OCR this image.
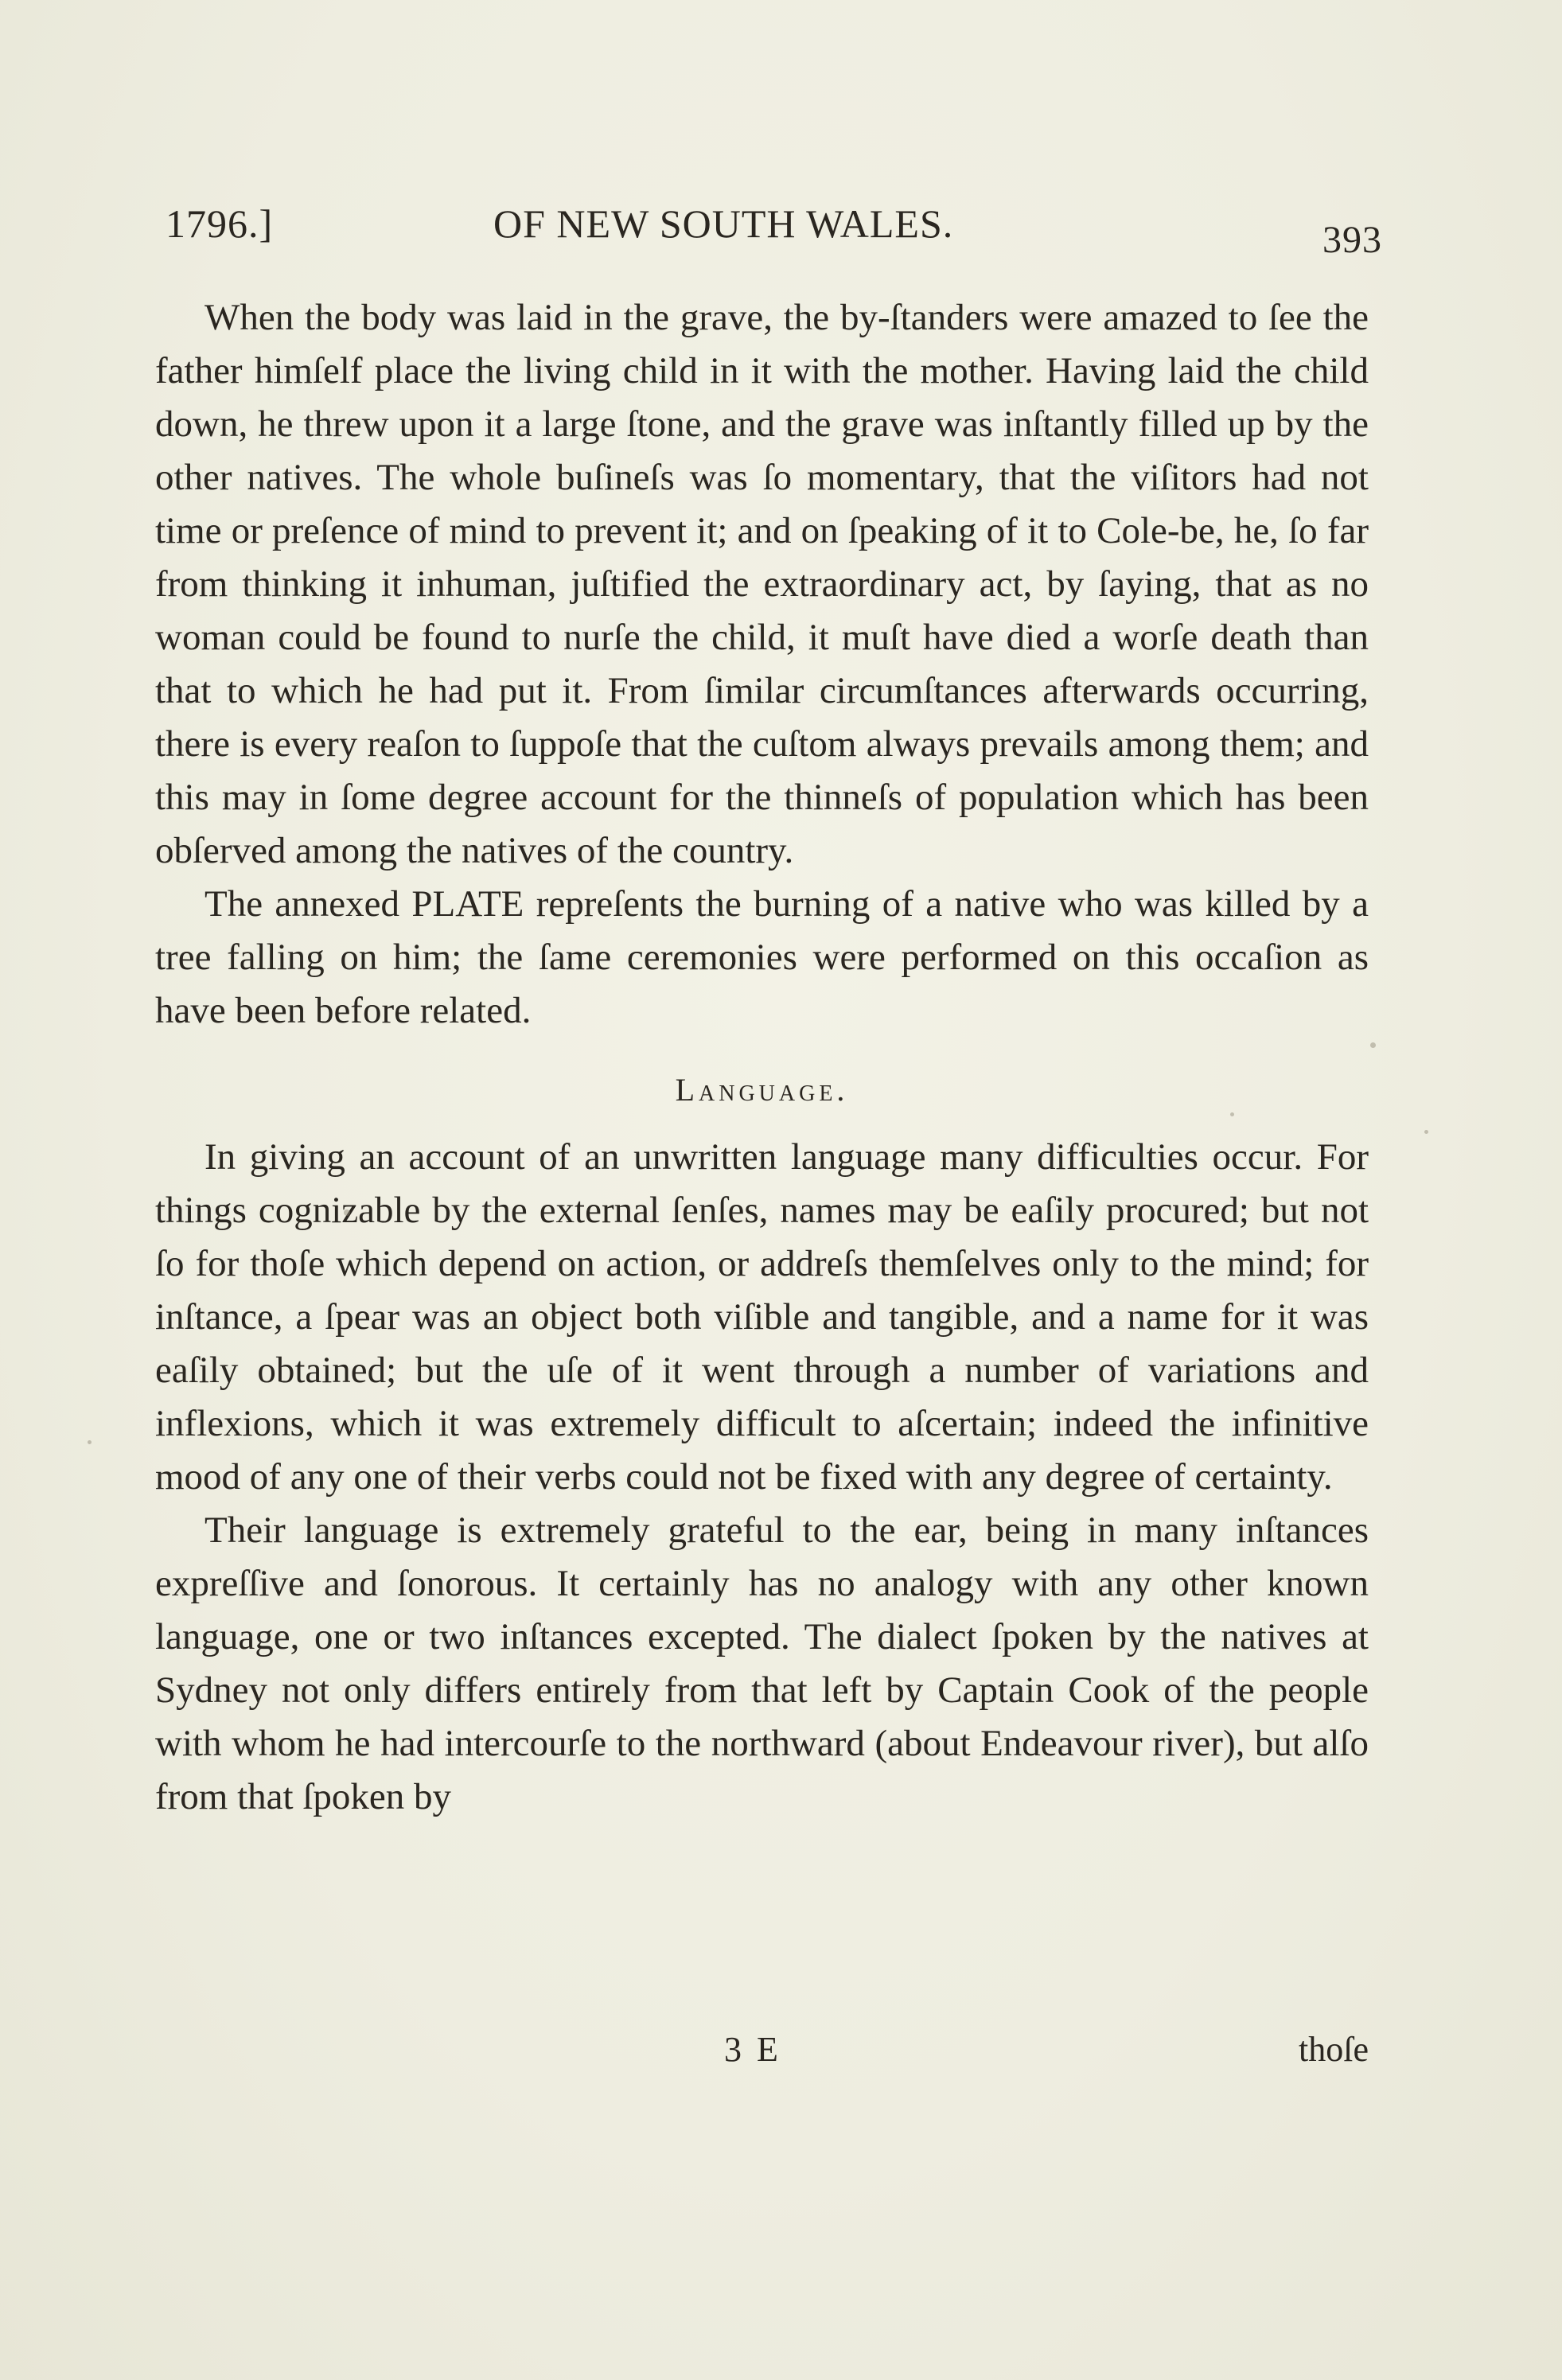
1796.]	OF NEW SOUTH WALES.	393

When the body was laid in the grave, the by-ſtanders were amazed to ſee the father himſelf place the living child in it with the mother. Having laid the child down, he threw upon it a large ſtone, and the grave was inſtantly filled up by the other natives. The whole buſineſs was ſo momentary, that the viſitors had not time or preſence of mind to prevent it; and on ſpeaking of it to Cole-be, he, ſo far from thinking it inhuman, juſtified the extraordinary act, by ſaying, that as no woman could be found to nurſe the child, it muſt have died a worſe death than that to which he had put it. From ſimilar circumſtances afterwards occurring, there is every reaſon to ſuppoſe that the cuſtom always prevails among them; and this may in ſome degree account for the thinneſs of population which has been obſerved among the natives of the country.

The annexed PLATE repreſents the burning of a native who was killed by a tree falling on him; the ſame ceremonies were performed on this occaſion as have been before related.

Language.

In giving an account of an unwritten language many difficulties occur. For things cognizable by the external ſenſes, names may be eaſily procured; but not ſo for thoſe which depend on action, or addreſs themſelves only to the mind; for inſtance, a ſpear was an object both viſible and tangible, and a name for it was eaſily obtained; but the uſe of it went through a number of variations and inflexions, which it was extremely difficult to aſcertain; indeed the infinitive mood of any one of their verbs could not be fixed with any degree of certainty.

Their language is extremely grateful to the ear, being in many inſtances expreſſive and ſonorous. It certainly has no analogy with any other known language, one or two inſtances excepted. The dialect ſpoken by the natives at Sydney not only differs entirely from that left by Captain Cook of the people with whom he had intercourſe to the northward (about Endeavour river), but alſo from that ſpoken by

3 E	thoſe
